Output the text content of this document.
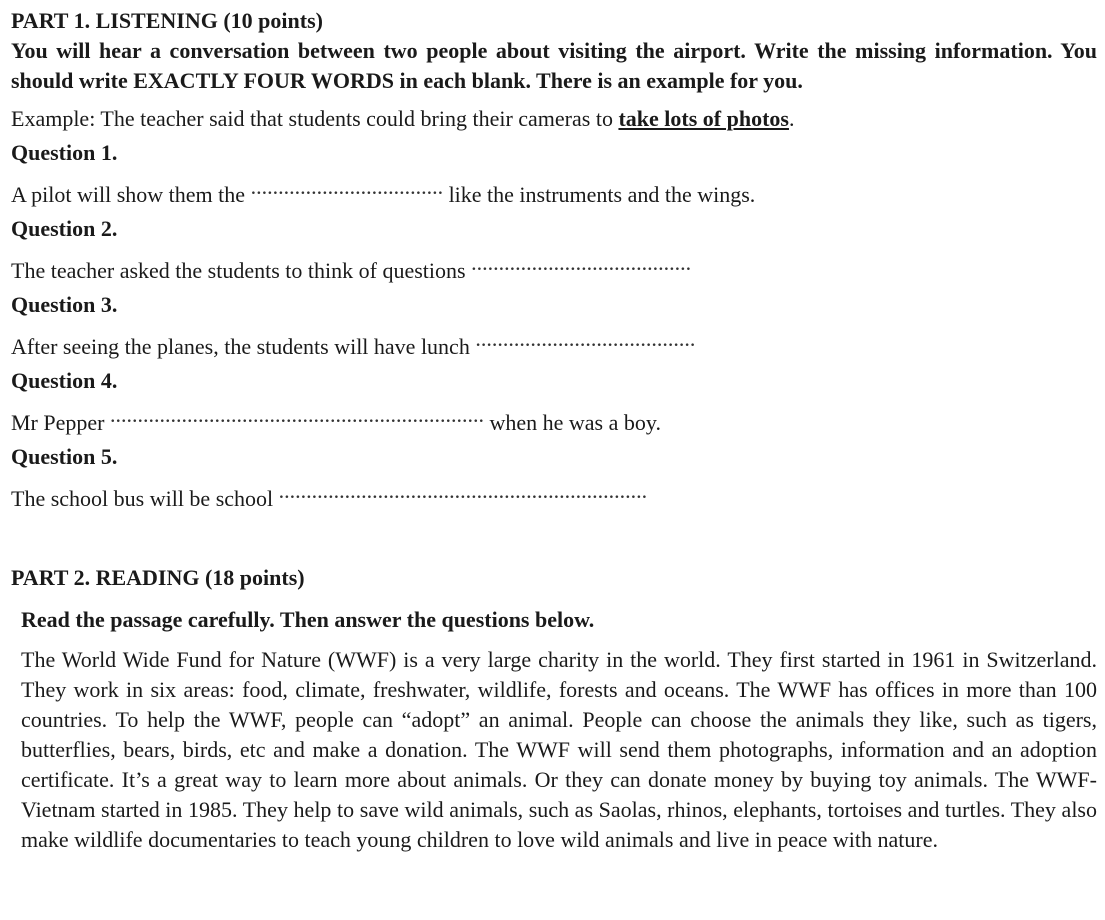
PART 1. LISTENING (10 points)

You will hear a conversation between two people about visiting the airport. Write the missing information. You should write EXACTLY FOUR WORDS in each blank. There is an example for you.

Example: The teacher said that students could bring their cameras to take lots of photos.
Question 1.
A pilot will show them the ................................... like the instruments and the wings.
Question 2.
The teacher asked the students to think of questions ........................................
Question 3.
After seeing the planes, the students will have lunch ........................................
Question 4.
Mr Pepper .................................................................... when he was a boy.
Question 5.
The school bus will be school ...................................................................

PART 2. READING (18 points)

Read the passage carefully. Then answer the questions below.

The World Wide Fund for Nature (WWF) is a very large charity in the world. They first started in 1961 in Switzerland. They work in six areas: food, climate, freshwater, wildlife, forests and oceans. The WWF has offices in more than 100 countries. To help the WWF, people can “adopt” an animal. People can choose the animals they like, such as tigers, butterflies, bears, birds, etc and make a donation. The WWF will send them photographs, information and an adoption certificate. It’s a great way to learn more about animals. Or they can donate money by buying toy animals. The WWF-Vietnam started in 1985. They help to save wild animals, such as Saolas, rhinos, elephants, tortoises and turtles. They also make wildlife documentaries to teach young children to love wild animals and live in peace with nature.
